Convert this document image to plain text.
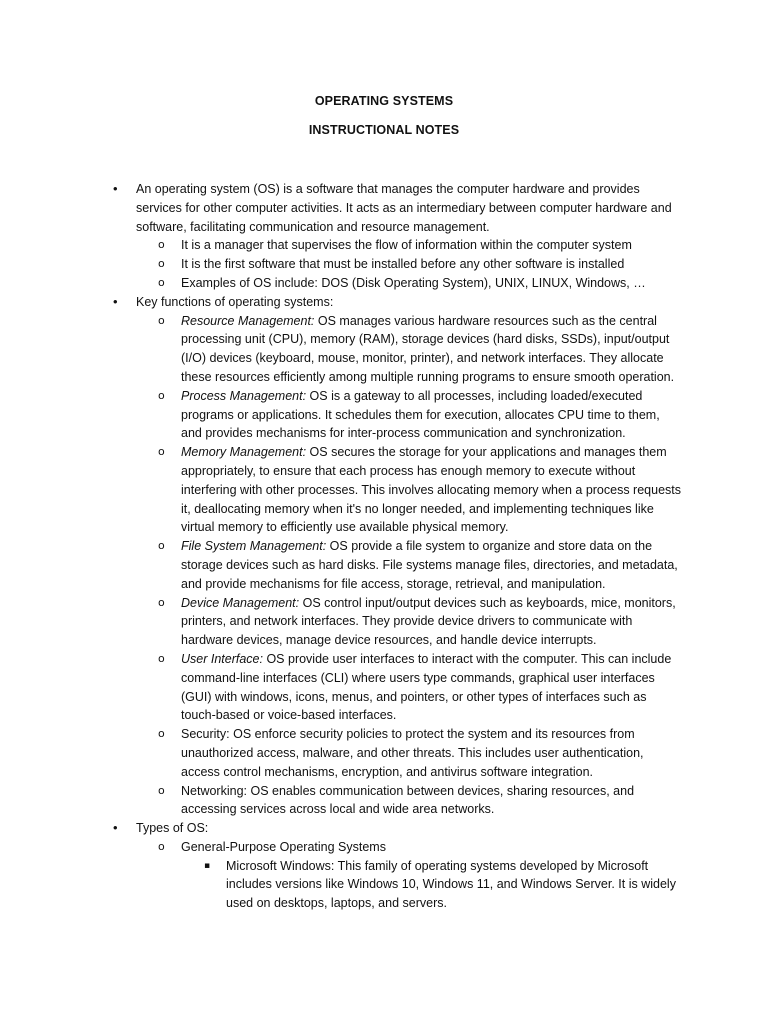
OPERATING SYSTEMS
INSTRUCTIONAL NOTES
•	An operating system (OS) is a software that manages the computer hardware and provides services for other computer activities. It acts as an intermediary between computer hardware and software, facilitating communication and resource management.
o It is a manager that supervises the flow of information within the computer system
o It is the first software that must be installed before any other software is installed
o Examples of OS include: DOS (Disk Operating System), UNIX, LINUX, Windows, …
•	Key functions of operating systems:
o Resource Management: OS manages various hardware resources such as the central processing unit (CPU), memory (RAM), storage devices (hard disks, SSDs), input/output (I/O) devices (keyboard, mouse, monitor, printer), and network interfaces. They allocate these resources efficiently among multiple running programs to ensure smooth operation.
o Process Management: OS is a gateway to all processes, including loaded/executed programs or applications. It schedules them for execution, allocates CPU time to them, and provides mechanisms for inter-process communication and synchronization.
o Memory Management: OS secures the storage for your applications and manages them appropriately, to ensure that each process has enough memory to execute without interfering with other processes. This involves allocating memory when a process requests it, deallocating memory when it's no longer needed, and implementing techniques like virtual memory to efficiently use available physical memory.
o File System Management: OS provide a file system to organize and store data on the storage devices such as hard disks. File systems manage files, directories, and metadata, and provide mechanisms for file access, storage, retrieval, and manipulation.
o Device Management: OS control input/output devices such as keyboards, mice, monitors, printers, and network interfaces. They provide device drivers to communicate with hardware devices, manage device resources, and handle device interrupts.
o User Interface: OS provide user interfaces to interact with the computer. This can include command-line interfaces (CLI) where users type commands, graphical user interfaces (GUI) with windows, icons, menus, and pointers, or other types of interfaces such as touch-based or voice-based interfaces.
o Security: OS enforce security policies to protect the system and its resources from unauthorized access, malware, and other threats. This includes user authentication, access control mechanisms, encryption, and antivirus software integration.
o Networking: OS enables communication between devices, sharing resources, and accessing services across local and wide area networks.
•	Types of OS:
o General-Purpose Operating Systems
▪ Microsoft Windows: This family of operating systems developed by Microsoft includes versions like Windows 10, Windows 11, and Windows Server. It is widely used on desktops, laptops, and servers.
